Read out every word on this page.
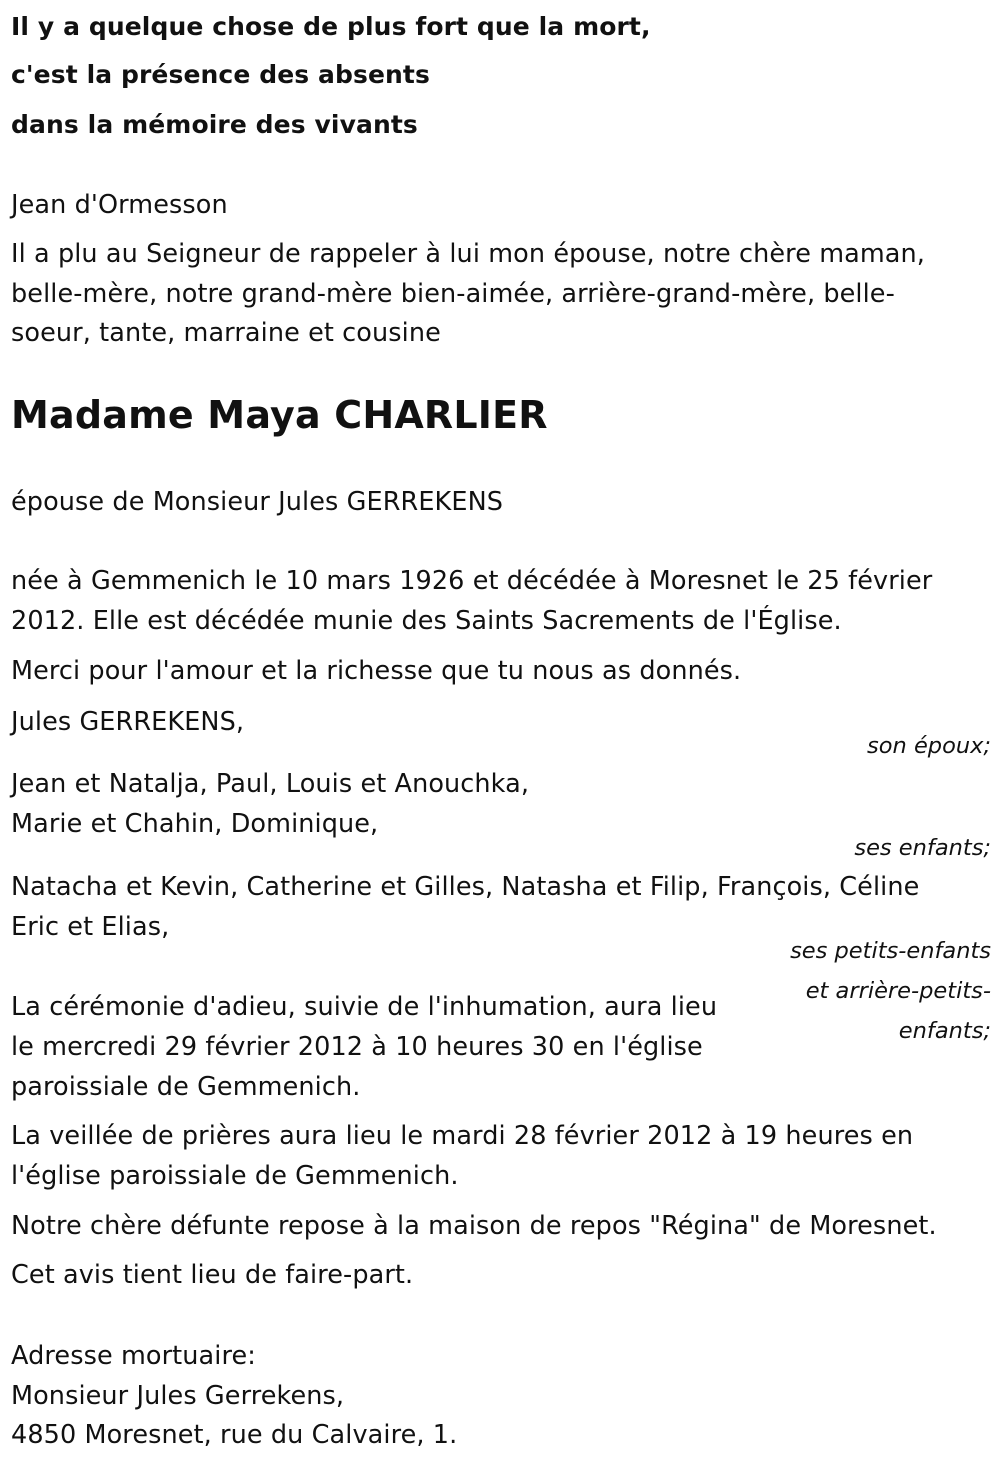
Il y a quelque chose de plus fort que la mort,

c'est la présence des absents

dans la mémoire des vivants

Jean d'Ormesson

Il a plu au Seigneur de rappeler à lui mon épouse, notre chère maman,

belle-mère, notre grand-mère bien-aimée, arrière-grand-mère, belle-

soeur, tante, marraine et cousine

Madame Maya CHARLIER

épouse de Monsieur Jules GERREKENS

née à Gemmenich le 10 mars 1926 et décédée à Moresnet le 25 février

2012. Elle est décédée munie des Saints Sacrements de l'Église.

Merci pour l'amour et la richesse que tu nous as donnés.

Jules GERREKENS,

son époux;

Jean et Natalja, Paul, Louis et Anouchka,

Marie et Chahin, Dominique,

ses enfants;

Natacha et Kevin, Catherine et Gilles, Natasha et Filip, François, Céline

Eric et Elias,

ses petits-enfants

et arrière-petits-

enfants;

La cérémonie d'adieu, suivie de l'inhumation, aura lieu

le mercredi 29 février 2012 à 10 heures 30 en l'église

paroissiale de Gemmenich.

La veillée de prières aura lieu le mardi 28 février 2012 à 19 heures en

l'église paroissiale de Gemmenich.

Notre chère défunte repose à la maison de repos "Régina" de Moresnet.

Cet avis tient lieu de faire-part.

Adresse mortuaire:

Monsieur Jules Gerrekens,

4850 Moresnet, rue du Calvaire, 1.
